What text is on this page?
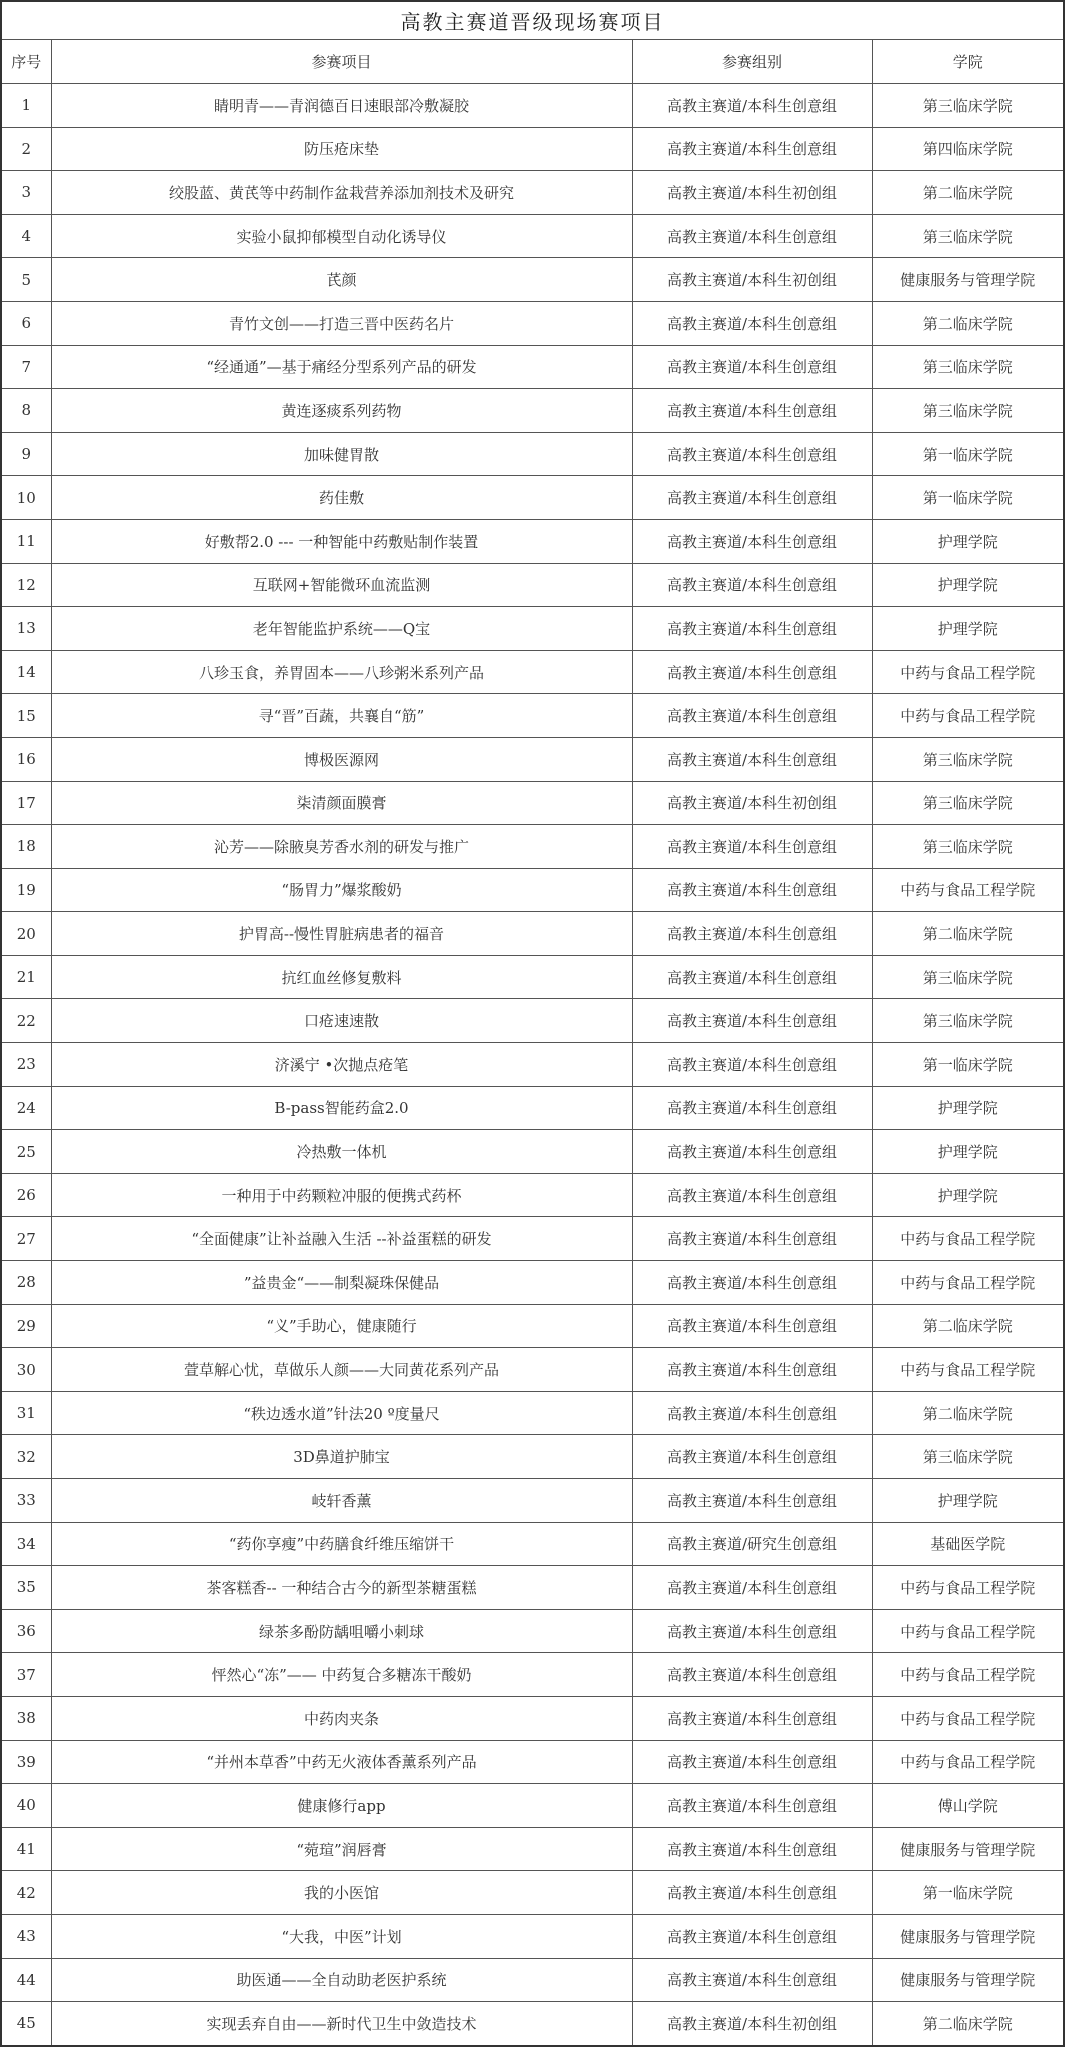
高教主赛道晋级现场赛项目			
序号	参赛项目	参赛组别	学院
1	睛明青——青润德百日速眼部冷敷凝胶	高教主赛道/本科生创意组	第三临床学院
2	防压疮床垫	高教主赛道/本科生创意组	第四临床学院
3	绞股蓝、黄芪等中药制作盆栽营养添加剂技术及研究	高教主赛道/本科生初创组	第二临床学院
4	实验小鼠抑郁模型自动化诱导仪	高教主赛道/本科生创意组	第三临床学院
5	芪颜	高教主赛道/本科生初创组	健康服务与管理学院
6	青竹文创——打造三晋中医药名片	高教主赛道/本科生创意组	第二临床学院
7	“经通通”—基于痛经分型系列产品的研发	高教主赛道/本科生创意组	第三临床学院
8	黄连逐痰系列药物	高教主赛道/本科生创意组	第三临床学院
9	加味健胃散	高教主赛道/本科生创意组	第一临床学院
10	药佳敷	高教主赛道/本科生创意组	第一临床学院
11	好敷帮2.0 --- 一种智能中药敷贴制作装置	高教主赛道/本科生创意组	护理学院
12	互联网+智能微环血流监测	高教主赛道/本科生创意组	护理学院
13	老年智能监护系统——Q宝	高教主赛道/本科生创意组	护理学院
14	八珍玉食，养胃固本——八珍粥米系列产品	高教主赛道/本科生创意组	中药与食品工程学院
15	寻“晋”百蔬，共襄自“筋”	高教主赛道/本科生创意组	中药与食品工程学院
16	博极医源网	高教主赛道/本科生创意组	第三临床学院
17	柒清颜面膜膏	高教主赛道/本科生初创组	第三临床学院
18	沁芳——除腋臭芳香水剂的研发与推广	高教主赛道/本科生创意组	第三临床学院
19	“肠胃力”爆浆酸奶	高教主赛道/本科生创意组	中药与食品工程学院
20	护胃高--慢性胃脏病患者的福音	高教主赛道/本科生创意组	第二临床学院
21	抗红血丝修复敷料	高教主赛道/本科生创意组	第三临床学院
22	口疮速速散	高教主赛道/本科生创意组	第三临床学院
23	济溪宁 •次抛点疮笔	高教主赛道/本科生创意组	第一临床学院
24	B-pass智能药盒2.0	高教主赛道/本科生创意组	护理学院
25	冷热敷一体机	高教主赛道/本科生创意组	护理学院
26	一种用于中药颗粒冲服的便携式药杯	高教主赛道/本科生创意组	护理学院
27	“全面健康”让补益融入生活 --补益蛋糕的研发	高教主赛道/本科生创意组	中药与食品工程学院
28	”益贵金“——制梨凝珠保健品	高教主赛道/本科生创意组	中药与食品工程学院
29	“义”手助心，健康随行	高教主赛道/本科生创意组	第二临床学院
30	萱草解心忧，草做乐人颜——大同黄花系列产品	高教主赛道/本科生创意组	中药与食品工程学院
31	“秩边透水道”针法20 º度量尺	高教主赛道/本科生创意组	第二临床学院
32	3D鼻道护肺宝	高教主赛道/本科生创意组	第三临床学院
33	岐轩香薰	高教主赛道/本科生创意组	护理学院
34	“药你享瘦”中药膳食纤维压缩饼干	高教主赛道/研究生创意组	基础医学院
35	茶客糕香-- 一种结合古今的新型茶糖蛋糕	高教主赛道/本科生创意组	中药与食品工程学院
36	绿茶多酚防龋咀嚼小刺球	高教主赛道/本科生创意组	中药与食品工程学院
37	怦然心“冻”—— 中药复合多糖冻干酸奶	高教主赛道/本科生创意组	中药与食品工程学院
38	中药肉夹条	高教主赛道/本科生创意组	中药与食品工程学院
39	“并州本草香”中药无火液体香薰系列产品	高教主赛道/本科生创意组	中药与食品工程学院
40	健康修行app	高教主赛道/本科生创意组	傅山学院
41	“菀瑄”润唇膏	高教主赛道/本科生创意组	健康服务与管理学院
42	我的小医馆	高教主赛道/本科生创意组	第一临床学院
43	“大我，中医”计划	高教主赛道/本科生创意组	健康服务与管理学院
44	助医通——全自动助老医护系统	高教主赛道/本科生创意组	健康服务与管理学院
45	实现丢弃自由——新时代卫生中敛造技术	高教主赛道/本科生初创组	第二临床学院
